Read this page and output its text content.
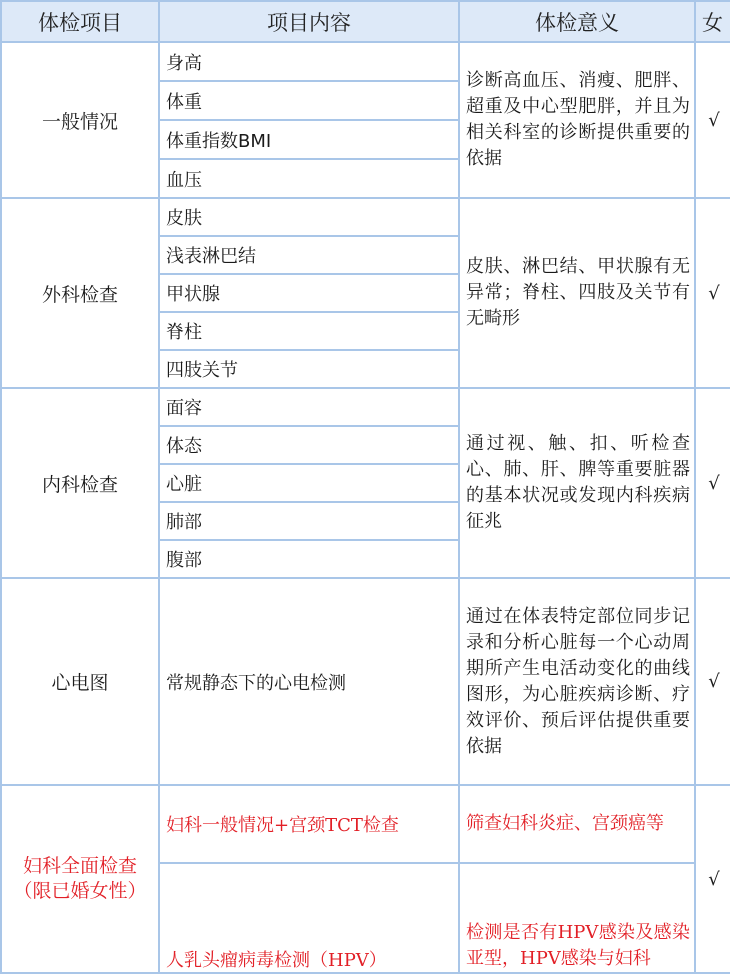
体检项目	项目内容	体检意义	女
一般情况	身高	诊断高血压、消瘦、肥胖、超重及中心型肥胖，并且为相关科室的诊断提供重要的依据	√
	体重		
	体重指数BMI		
	血压		
外科检查	皮肤	皮肤、淋巴结、甲状腺有无异常；脊柱、四肢及关节有无畸形	√
	浅表淋巴结		
	甲状腺		
	脊柱		
	四肢关节		
内科检查	面容	通过视、触、扣、听检查心、肺、肝、脾等重要脏器的基本状况或发现内科疾病征兆	√
	体态		
	心脏		
	肺部		
	腹部		
心电图	常规静态下的心电检测	通过在体表特定部位同步记录和分析心脏每一个心动周期所产生电活动变化的曲线图形，为心脏疾病诊断、疗效评价、预后评估提供重要依据	√
妇科全面检查（限已婚女性）	妇科一般情况+宫颈TCT检查	筛查妇科炎症、宫颈癌等	√
	人乳头瘤病毒检测（HPV）	检测是否有HPV感染及感染亚型，HPV感染与妇科	
